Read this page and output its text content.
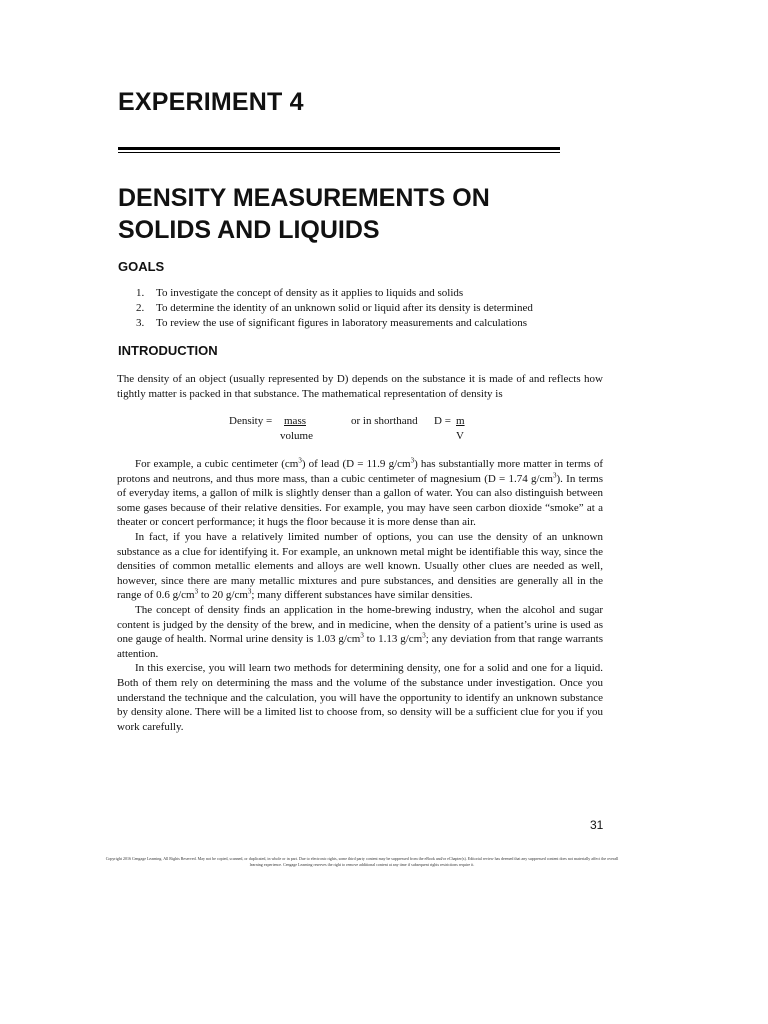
EXPERIMENT 4
DENSITY MEASUREMENTS ON
SOLIDS AND LIQUIDS
GOALS
1.	To investigate the concept of density as it applies to liquids and solids
2.	To determine the identity of an unknown solid or liquid after its density is determined
3.	To review the use of significant figures in laboratory measurements and calculations
INTRODUCTION

The density of an object (usually represented by D) depends on the substance it is made of and reflects how tightly matter is packed in that substance. The mathematical representation of density is

Density = mass
volume
or in shorthand D = m
V

For example, a cubic centimeter $(cm^3)$ of lead (D = 11.9 $g/cm^3$) has substantially more matter in terms of protons and neutrons, and thus more mass, than a cubic centimeter of magnesium (D = 1.74 $g/cm^3$). In terms of everyday items, a gallon of milk is slightly denser than a gallon of water. You can also distinguish between some gases because of their relative densities. For example, you may have seen carbon dioxide “smoke” at a theater or concert performance; it hugs the floor because it is more dense than air.

In fact, if you have a relatively limited number of options, you can use the density of an unknown substance as a clue for identifying it. For example, an unknown metal might be identifiable this way, since the densities of common metallic elements and alloys are well known. Usually other clues are needed as well, however, since there are many metallic mixtures and pure substances, and densities are generally all in the range of 0.6 $g/cm^3$ to 20 $g/cm^3$; many different substances have similar densities.

The concept of density finds an application in the home-brewing industry, when the alcohol and sugar content is judged by the density of the brew, and in medicine, when the density of a patient’s urine is used as one gauge of health. Normal urine density is 1.03 $g/cm^3$ to 1.13 $g/cm^3$; any deviation from that range warrants attention.

In this exercise, you will learn two methods for determining density, one for a solid and one for a liquid. Both of them rely on determining the mass and the volume of the substance under investigation. Once you understand the technique and the calculation, you will have the opportunity to identify an unknown substance by density alone. There will be a limited list to choose from, so density will be a sufficient clue for you if you work carefully.

31
Copyright 2016 Cengage Learning. All Rights Reserved. May not be copied, scanned, or duplicated, in whole or in part. Due to electronic rights, some third party content may be suppressed from the eBook and/or eChapter(s). Editorial review has deemed that any suppressed content does not materially affect the overall learning experience. Cengage Learning reserves the right to remove additional content at any time if subsequent rights restrictions require it.
